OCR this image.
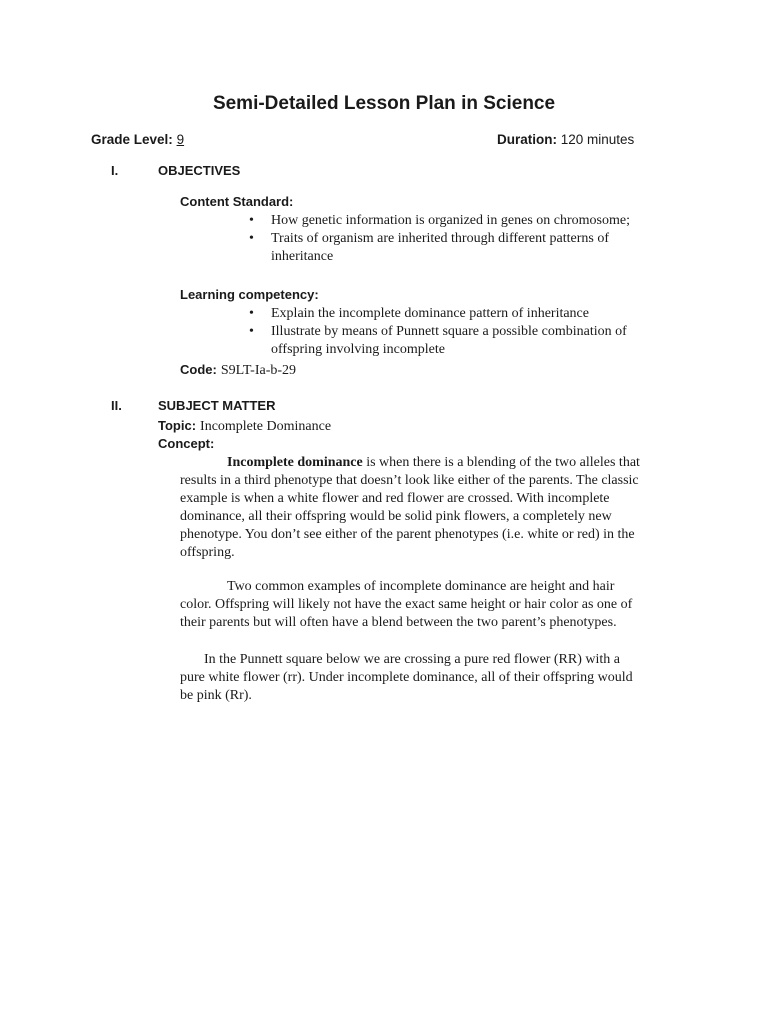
Semi-Detailed Lesson Plan in Science
Grade Level: 9	Duration: 120 minutes
I.	OBJECTIVES
Content Standard:
• How genetic information is organized in genes on chromosome;
• Traits of organism are inherited through different patterns of
inheritance
Learning competency:
• Explain the incomplete dominance pattern of inheritance
• Illustrate by means of Punnett square a possible combination of
offspring involving incomplete
Code: S9LT-Ia-b-29
II.	SUBJECT MATTER
Topic: Incomplete Dominance
Concept:
Incomplete dominance is when there is a blending of the two alleles that
results in a third phenotype that doesn’t look like either of the parents. The classic
example is when a white flower and red flower are crossed. With incomplete
dominance, all their offspring would be solid pink flowers, a completely new
phenotype. You don’t see either of the parent phenotypes (i.e. white or red) in the
offspring.
Two common examples of incomplete dominance are height and hair
color. Offspring will likely not have the exact same height or hair color as one of
their parents but will often have a blend between the two parent’s phenotypes.
In the Punnett square below we are crossing a pure red flower (RR) with a
pure white flower (rr). Under incomplete dominance, all of their offspring would
be pink (Rr).
